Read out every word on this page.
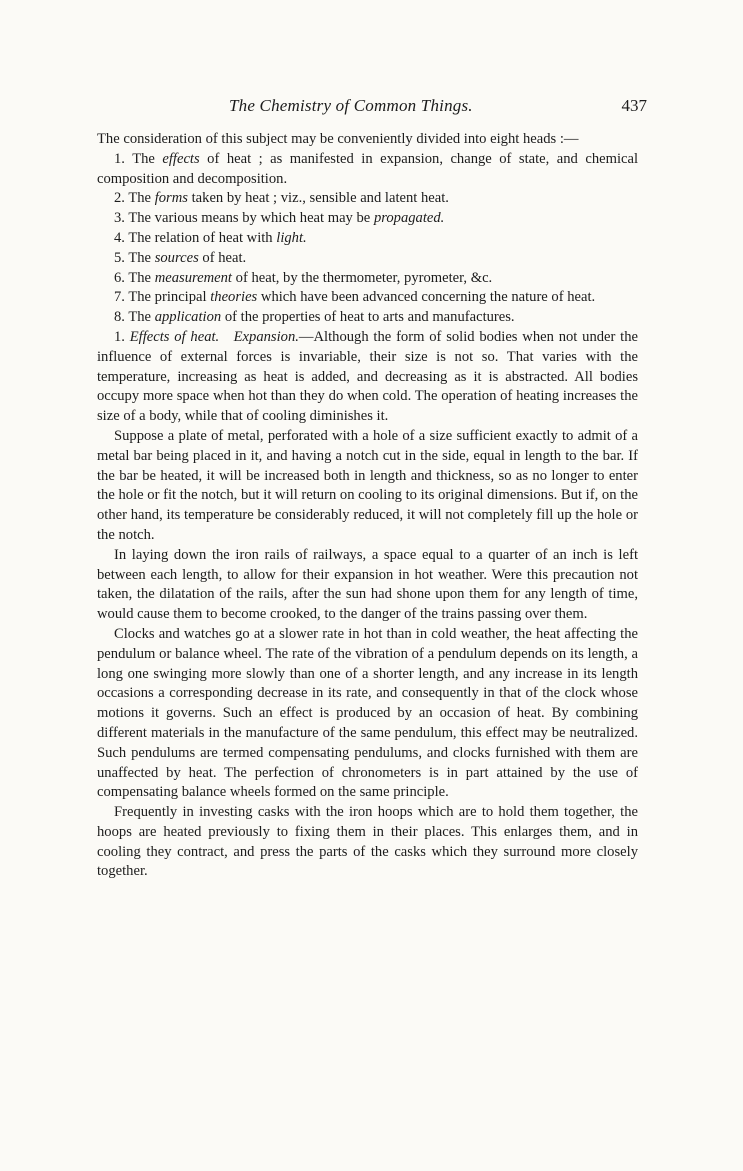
The Chemistry of Common Things.	437

The consideration of this subject may be conveniently divided into eight heads :—

1. The effects of heat ; as manifested in expansion, change of state, and chemical composition and decomposition.

2. The forms taken by heat ; viz., sensible and latent heat.

3. The various means by which heat may be propagated.

4. The relation of heat with light.

5. The sources of heat.

6. The measurement of heat, by the thermometer, pyrometer, &c.

7. The principal theories which have been advanced concerning the nature of heat.

8. The application of the properties of heat to arts and manufactures.

1. Effects of heat. Expansion.—Although the form of solid bodies when not under the influence of external forces is invariable, their size is not so. That varies with the temperature, increasing as heat is added, and decreasing as it is abstracted. All bodies occupy more space when hot than they do when cold. The operation of heating increases the size of a body, while that of cooling diminishes it.

Suppose a plate of metal, perforated with a hole of a size sufficient exactly to admit of a metal bar being placed in it, and having a notch cut in the side, equal in length to the bar. If the bar be heated, it will be increased both in length and thickness, so as no longer to enter the hole or fit the notch, but it will return on cooling to its original dimensions. But if, on the other hand, its temperature be considerably reduced, it will not completely fill up the hole or the notch.

In laying down the iron rails of railways, a space equal to a quarter of an inch is left between each length, to allow for their expansion in hot weather. Were this precaution not taken, the dilatation of the rails, after the sun had shone upon them for any length of time, would cause them to become crooked, to the danger of the trains passing over them.

Clocks and watches go at a slower rate in hot than in cold weather, the heat affecting the pendulum or balance wheel. The rate of the vibration of a pendulum depends on its length, a long one swinging more slowly than one of a shorter length, and any increase in its length occasions a corresponding decrease in its rate, and consequently in that of the clock whose motions it governs. Such an effect is produced by an occasion of heat. By combining different materials in the manufacture of the same pendulum, this effect may be neutralized. Such pendulums are termed compensating pendulums, and clocks furnished with them are unaffected by heat. The perfection of chronometers is in part attained by the use of compensating balance wheels formed on the same principle.

Frequently in investing casks with the iron hoops which are to hold them together, the hoops are heated previously to fixing them in their places. This enlarges them, and in cooling they contract, and press the parts of the casks which they surround more closely together.
